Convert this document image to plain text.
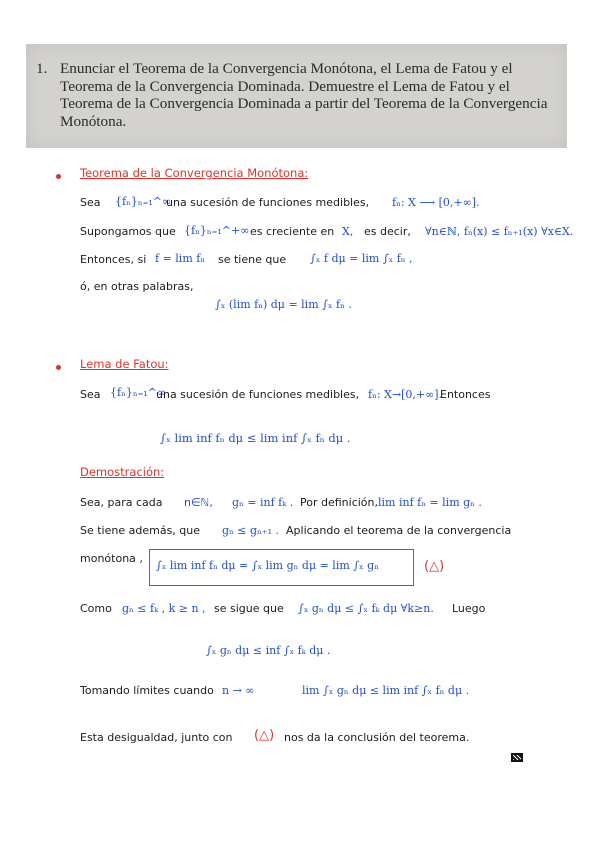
1. Enunciar el Teorema de la Convergencia Monótona, el Lema de Fatou y el Teorema de la Convergencia Dominada. Demuestre el Lema de Fatou y el Teorema de la Convergencia Dominada a partir del Teorema de la Convergencia Monótona.
Teorema de la Convergencia Monótona:
Sea {fₙ}ₙ₌₁^∞
una sucesión de funciones medibles, fₙ: X ⟶ [0,+∞].
Supongamos que {fₙ}ₙ₌₁^+∞ es creciente en X, es decir, ∀n∈ℕ, fₙ(x) ≤ fₙ₊₁(x) ∀x∈X.
Entonces, si f = lim fₙ se tiene que ∫ₓ f dμ = lim ∫ₓ fₙ ,
ó, en otras palabras,
∫ₓ (lim fₙ) dμ = lim ∫ₓ fₙ .
Lema de Fatou:
Sea {fₙ}ₙ₌₁^∞
una sucesión de funciones medibles, fₙ: X→[0,+∞].
Entonces
∫ₓ lim inf fₙ dμ ≤ lim inf ∫ₓ fₙ dμ .
Demostración:
Sea, para cada n∈ℕ, gₙ = inf fₖ . Por definición, lim inf fₙ = lim gₙ .
Se tiene además, que gₙ ≤ gₙ₊₁ . Aplicando el teorema de la convergencia
monótona ,
∫ₓ lim inf fₙ dμ = ∫ₓ lim gₙ dμ = lim ∫ₓ gₙ	(△)
Como gₙ ≤ fₖ , k ≥ n , se sigue que ∫ₓ gₙ dμ ≤ ∫ₓ fₖ dμ ∀k≥n. Luego
∫ₓ gₙ dμ ≤ inf ∫ₓ fₖ dμ .
Tomando límites cuando n → ∞	lim ∫ₓ gₙ dμ ≤ lim inf ∫ₓ fₙ dμ .
Esta desigualdad, junto con (△) nos da la conclusión del teorema.
